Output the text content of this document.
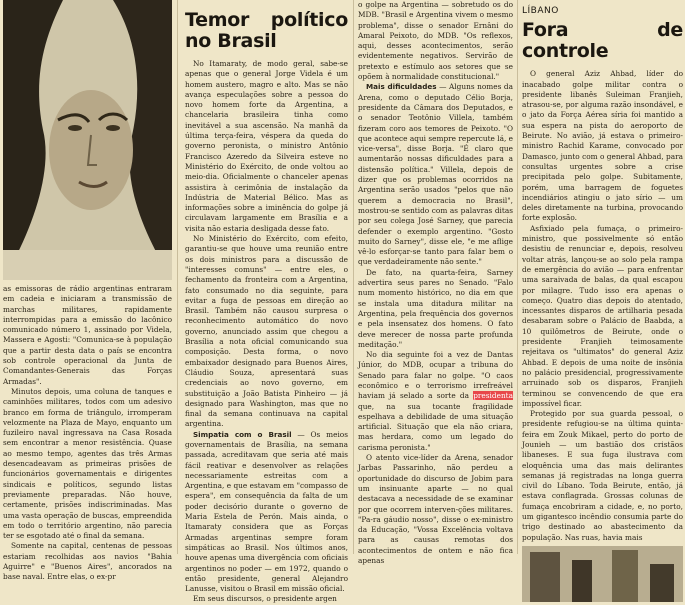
as emissoras de rádio argentinas entraram em cadeia e iniciaram a transmissão de marchas militares, rapidamente interrompidas para a emissão do lacônico comunicado número 1, assinado por Videla, Massera e Agosti: "Comunica-se à população que a partir desta data o país se encontra sob controle operacional da Junta de Comandantes-Generais das Forças Armadas".

Minutos depois, uma coluna de tanques e caminhões militares, todos com um adesivo branco em forma de triângulo, irromperam velozmente na Plaza de Mayo, enquanto um fuzileiro naval ingressava na Casa Rosada sem encontrar a menor resistência. Quase ao mesmo tempo, agentes das três Armas desencadeavam as primeiras prisões de funcionários governamentais e dirigentes sindicais e políticos, segundo listas previamente preparadas. Não houve, certamente, prisões indiscriminadas. Mas uma vasta operação de buscas, empreendida em todo o território argentino, não parecia ter se esgotado até o final da semana.

Somente na capital, centenas de pessoas estariam recolhidas aos navios "Bahia Aguirre" e "Buenos Aires", ancorados na base naval. Entre elas, o ex-pr

Temor político no Brasil

No Itamaraty, de modo geral, sabe-se apenas que o general Jorge Videla é um homem austero, magro e alto. Mas se não avança especulações sobre a pessoa do novo homem forte da Argentina, a chancelaria brasileira tinha como inevitável a sua ascensão. Na manhã da última terça-feira, véspera da queda do governo peronista, o ministro Antônio Francisco Azeredo da Silveira esteve no Ministério do Exército, de onde voltou ao meio-dia. Oficialmente o chanceler apenas assistira à cerimônia de instalação da Indústria de Material Bélico. Mas as informações sobre a iminência do golpe já circulavam largamente em Brasília e a visita não estaria desligada desse fato.

No Ministério do Exército, com efeito, garantiu-se que houve uma reunião entre os dois ministros para a discussão de "interesses comuns" — entre eles, o fechamento da fronteira com a Argentina, fato consumado no dia seguinte, para evitar a fuga de pessoas em direção ao Brasil. Também não causou surpresa o reconhecimento automático do novo governo, anunciado assim que chegou a Brasília a nota oficial comunicando sua composição. Desta forma, o novo embaixador designado para Buenos Aires, Cláudio Souza, apresentará suas credenciais ao novo governo, em substituição a João Batista Pinheiro — já designado para Washington, mas que no final da semana continuava na capital argentina.

Simpatia com o Brasil — Os meios governamentais de Brasília, na semana passada, acreditavam que seria até mais fácil reativar e desenvolver as relações necessariamente estreitas com a Argentina, e que estavam em "compasso de espera", em consequência da falta de um poder decisório durante o governo de Maria Estela de Perón. Mais ainda, o Itamaraty considera que as Forças Armadas argentinas sempre foram simpáticas ao Brasil. Nos últimos anos, houve apenas uma divergência com oficiais argentinos no poder — em 1972, quando o então presidente, general Alejandro Lanusse, visitou o Brasil em missão oficial.

Em seus discursos, o presidente argen

o golpe na Argentina — sobretudo os do MDB. "Brasil e Argentina vivem o mesmo problema", disse o senador Ernâni do Amaral Peixoto, do MDB. "Os reflexos, aqui, desses acontecimentos, serão evidentemente negativos. Servirão de pretexto e estímulo aos setores que se opõem à normalidade constitucional."

Mais dificuldades — Alguns nomes da Arena, como o deputado Célio Borja, presidente da Câmara dos Deputados, e o senador Teotônio Villela, também fizeram coro aos temores de Peixoto. "O que acontece aqui sempre repercute lá, e vice-versa", disse Borja. "É claro que aumentarão nossas dificuldades para a distensão política." Villela, depois de dizer que os problemas ocorridos na Argentina serão usados "pelos que não querem a democracia no Brasil", mostrou-se sentido com as palavras ditas por seu colega José Sarney, que parecia defender o exemplo argentino. "Gosto muito do Sarney", disse ele, "e me aflige vê-lo esforçar-se tanto para falar bem o que verdadeiramente não sente."

De fato, na quarta-feira, Sarney advertira seus pares no Senado. "Falo num momento histórico, no dia em que se instala uma ditadura militar na Argentina, pela frequência dos governos e pela insensatez dos homens. O fato deve merecer de nossa parte profunda meditação."

No dia seguinte foi a vez de Dantas Júnior, do MDB, ocupar a tribuna do Senado para falar no golpe. "O caos econômico e o terrorismo irrefreável haviam já selado a sorte da presidenta que, na sua tocante fragilidade espelhava a debilidade de uma situação artificial. Situação que ela não criara, mas herdara, como um legado do carisma peronista."

O atento vice-líder da Arena, senador Jarbas Passarinho, não perdeu a oportunidade do discurso de Jobim para um insinuante aparte — no qual destacava a necessidade de se examinar por que ocorrem interven-ções militares. "Pa-ra gáudio nosso", disse o ex-ministro da Educação, "Vossa Excelência voltava para as causas remotas dos acontecimentos de ontem e não fica apenas

LÍBANO
Fora de controle

O general Aziz Ahbad, líder do inacabado golpe militar contra o presidente libanês Suleiman Franjieh, atrasou-se, por alguma razão insondável, e o jato da Força Aérea síria foi mantido a sua espera na pista do aeroporto de Beirute. No avião, já estava o primeiro-ministro Rachid Karame, convocado por Damasco, junto com o general Ahbad, para consultas urgentes sobre a crise precipitada pelo golpe. Subitamente, porém, uma barragem de foguetes incendiários atingiu o jato sírio — um deles diretamente na turbina, provocando forte explosão.

Asfixiado pela fumaça, o primeiro-ministro, que possivelmente só então desistiu de renunciar e, depois, resolveu voltar atrás, lançou-se ao solo pela rampa de emergência do avião — para enfrentar uma saraivada de balas, da qual escapou por milagre. Tudo isso era apenas o começo. Quatro dias depois do atentado, incessantes disparos de artilharia pesada desabaram sobre o Palácio de Baabda, a 10 quilômetros de Beirute, onde o presidente Franjieh teimosamente rejeitava os "ultimatos" do general Aziz Ahbad. E depois de uma noite de insônia no palácio presidencial, progressivamente arruinado sob os disparos, Franjieh terminou se convencendo de que era impossível ficar.

Protegido por sua guarda pessoal, o presidente refugiou-se na última quinta-feira em Zouk Mikael, perto do porto de Jounieh — um bastião dos cristãos libaneses. E sua fuga ilustrava com eloquência uma das mais delirantes semanas já registradas na longa guerra civil do Líbano. Toda Beirute, então, já estava conflagrada. Grossas colunas de fumaça encobriram a cidade, e, no porto, um gigantesco incêndio consumia parte do trigo destinado ao abastecimento da população. Nas ruas, havia mais
